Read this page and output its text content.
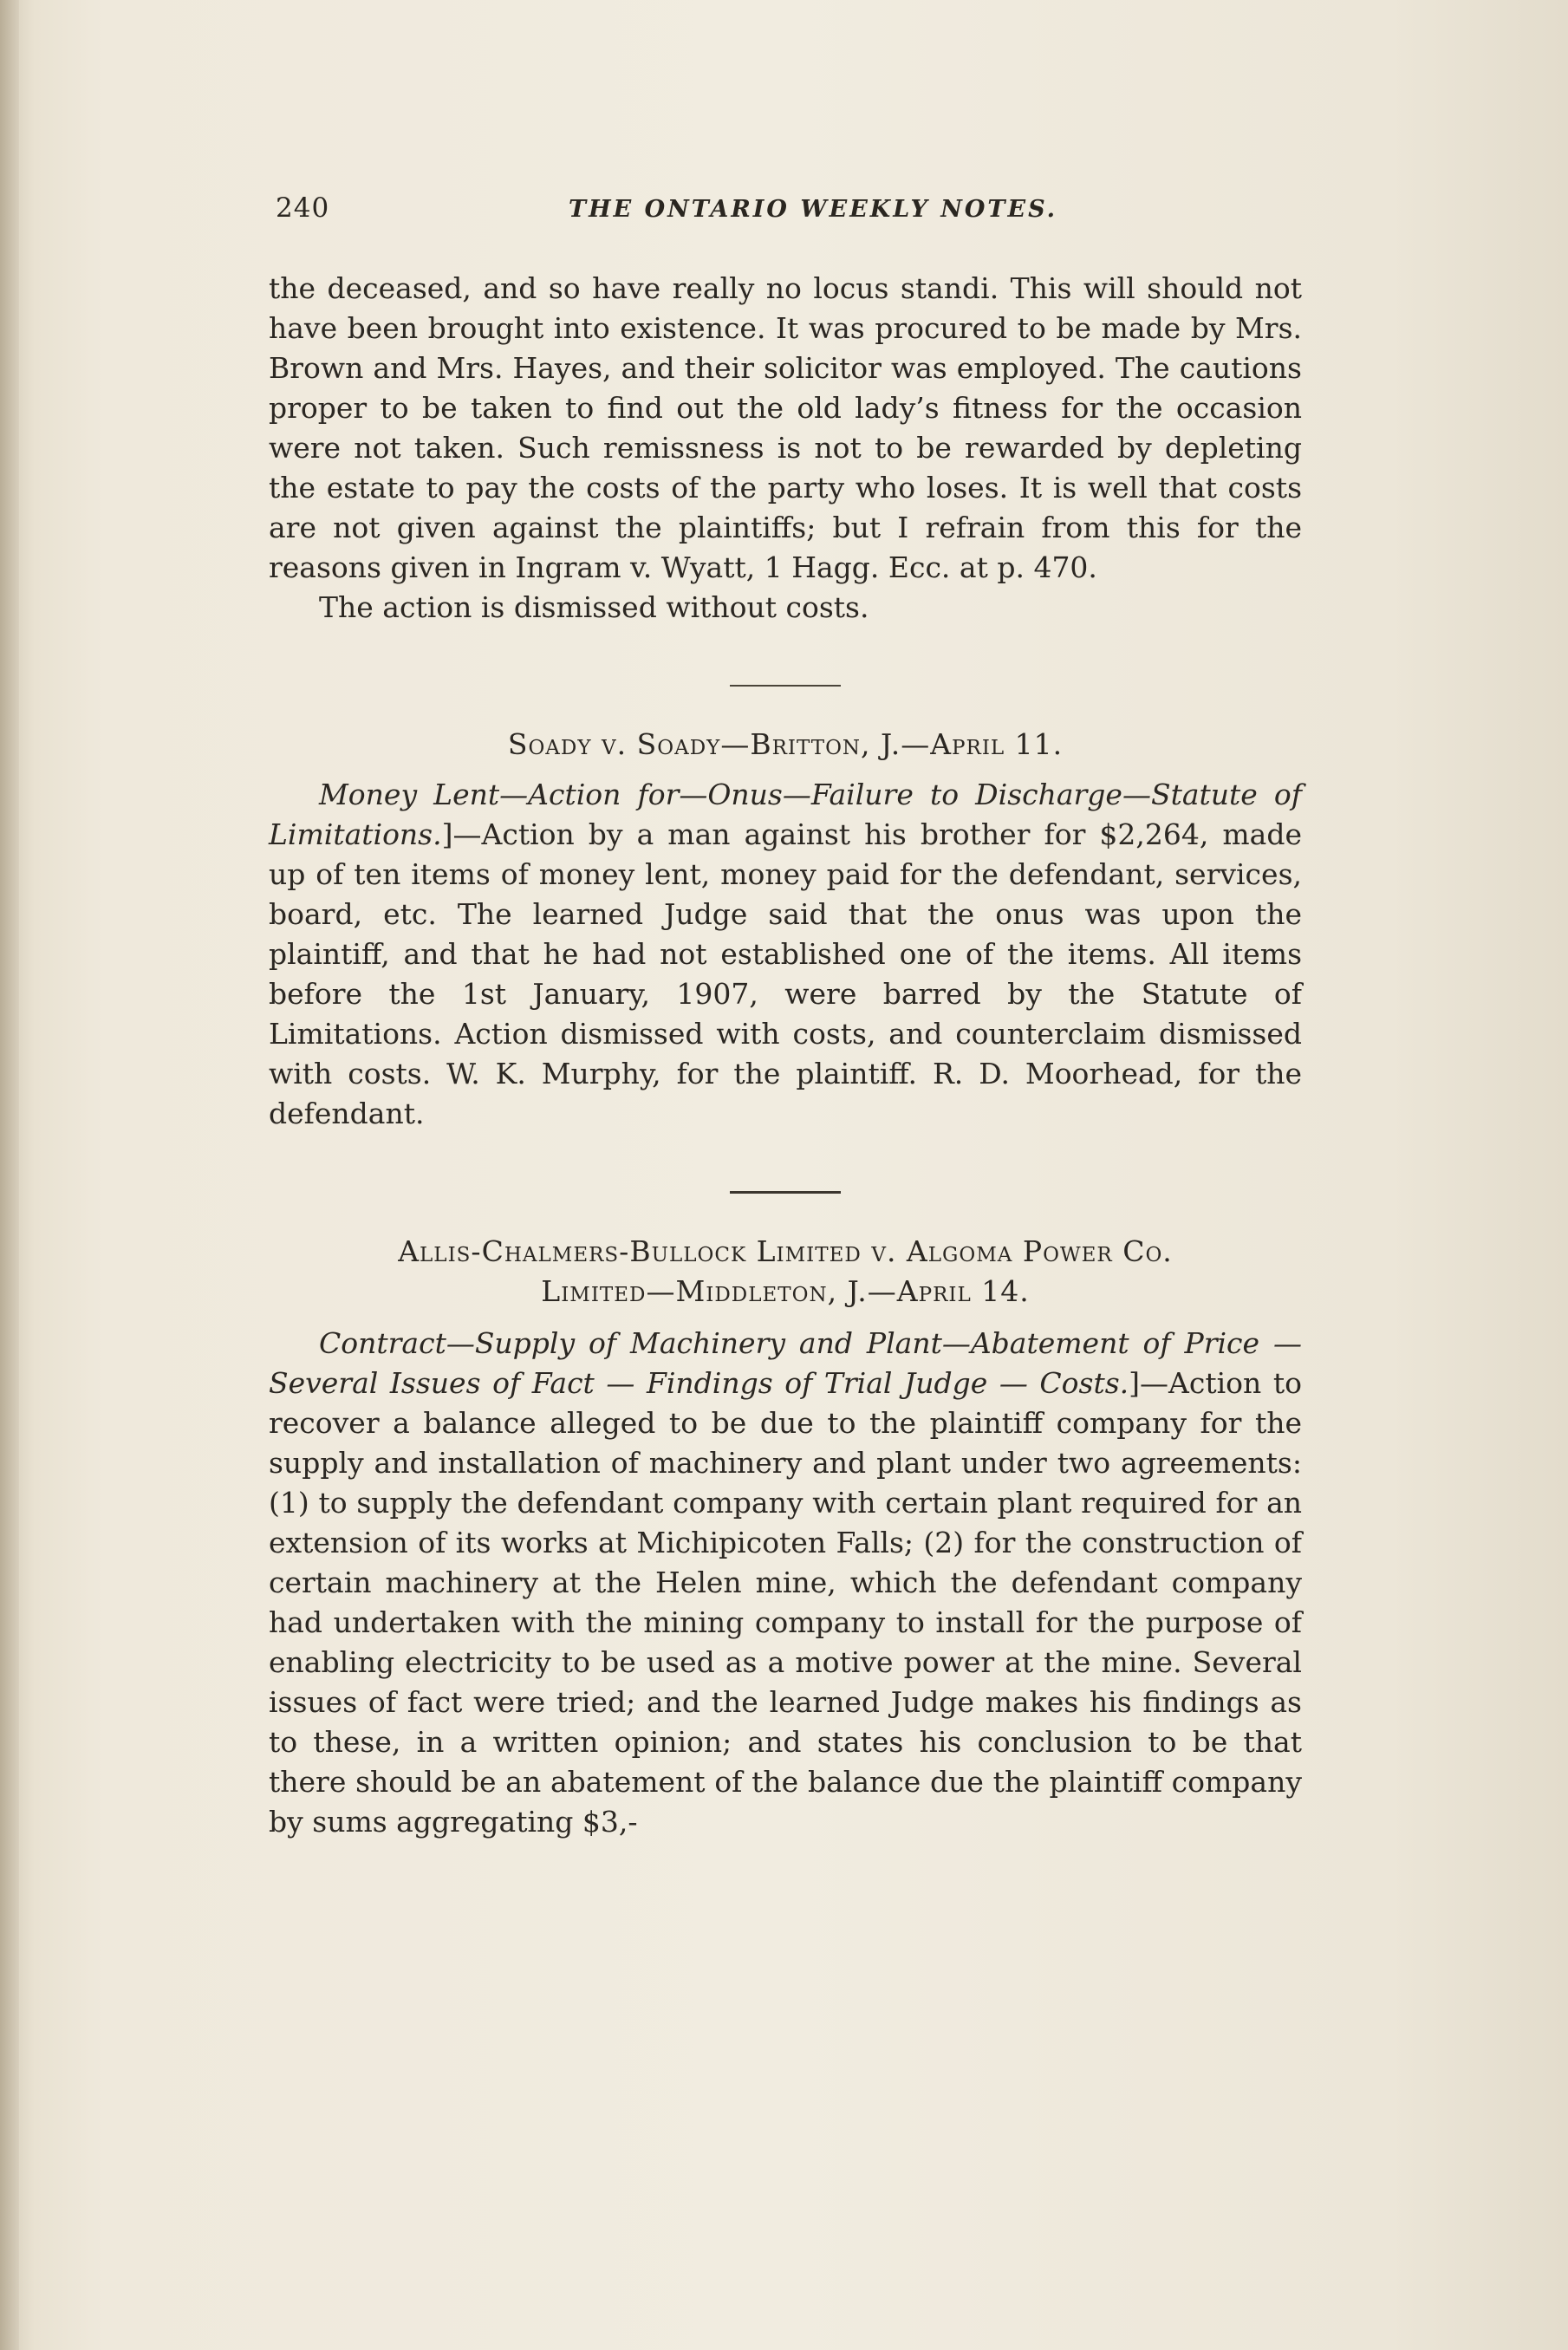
240	THE ONTARIO WEEKLY NOTES.

the deceased, and so have really no locus standi. This will should not have been brought into existence. It was procured to be made by Mrs. Brown and Mrs. Hayes, and their solicitor was employed. The cautions proper to be taken to find out the old lady’s fitness for the occasion were not taken. Such remissness is not to be rewarded by depleting the estate to pay the costs of the party who loses. It is well that costs are not given against the plaintiffs; but I refrain from this for the reasons given in Ingram v. Wyatt, 1 Hagg. Ecc. at p. 470.

The action is dismissed without costs.

Soady v. Soady—Britton, J.—April 11.

Money Lent—Action for—Onus—Failure to Discharge—Statute of Limitations.]—Action by a man against his brother for $2,264, made up of ten items of money lent, money paid for the defendant, services, board, etc. The learned Judge said that the onus was upon the plaintiff, and that he had not established one of the items. All items before the 1st January, 1907, were barred by the Statute of Limitations. Action dismissed with costs, and counterclaim dismissed with costs. W. K. Murphy, for the plaintiff. R. D. Moorhead, for the defendant.

Allis-Chalmers-Bullock Limited v. Algoma Power Co.

Limited—Middleton, J.—April 14.

Contract—Supply of Machinery and Plant—Abatement of Price — Several Issues of Fact — Findings of Trial Judge — Costs.]—Action to recover a balance alleged to be due to the plaintiff company for the supply and installation of machinery and plant under two agreements: (1) to supply the defendant company with certain plant required for an extension of its works at Michipicoten Falls; (2) for the construction of certain machinery at the Helen mine, which the defendant company had undertaken with the mining company to install for the purpose of enabling electricity to be used as a motive power at the mine. Several issues of fact were tried; and the learned Judge makes his findings as to these, in a written opinion; and states his conclusion to be that there should be an abatement of the balance due the plaintiff company by sums aggregating $3,-
